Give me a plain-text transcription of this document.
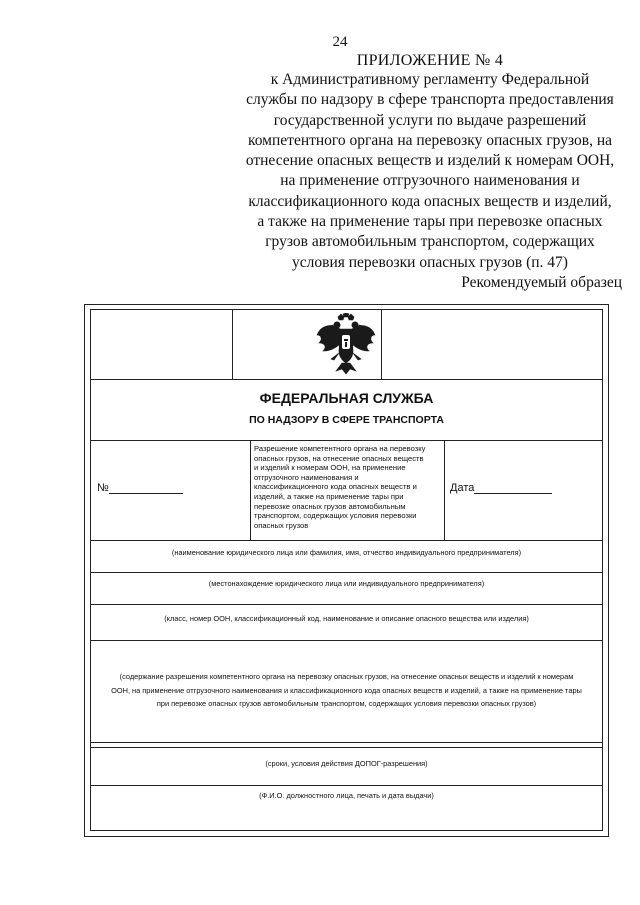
24
ПРИЛОЖЕНИЕ № 4
к Административному регламенту Федеральной
службы по надзору в сфере транспорта предоставления
государственной услуги по выдаче разрешений
компетентного органа на перевозку опасных грузов, на
отнесение опасных веществ и изделий к номерам ООН,
на применение отгрузочного наименования и
классификационного кода опасных веществ и изделий,
а также на применение тары при перевозке опасных
грузов автомобильным транспортом, содержащих
условия перевозки опасных грузов (п. 47)
Рекомендуемый образец
ФЕДЕРАЛЬНАЯ СЛУЖБА
ПО НАДЗОРУ В СФЕРЕ ТРАНСПОРТА
№
Разрешение компетентного органа на перевозку
опасных грузов, на отнесение опасных веществ
и изделий к номерам ООН, на применение
отгрузочного наименования и
классификационного кода опасных веществ и
изделий, а также на применение тары при
перевозке опасных грузов автомобильным
транспортом, содержащих условия перевозки
опасных грузов
Дата
(наименование юридического лица или фамилия, имя, отчество индивидуального предпринимателя)
(местонахождение юридического лица или индивидуального предпринимателя)
(класс, номер ООН, классификационный код, наименование и описание опасного вещества или изделия)
(содержание разрешения компетентного органа на перевозку опасных грузов, на отнесение опасных веществ и изделий к номерам
ООН, на применение отгрузочного наименования и классификационного кода опасных веществ и изделий, а также на применение тары
при перевозке опасных грузов автомобильным транспортом, содержащих условия перевозки опасных грузов)
(сроки, условия действия ДОПОГ-разрешения)
(Ф.И.О. должностного лица, печать и дата выдачи)
